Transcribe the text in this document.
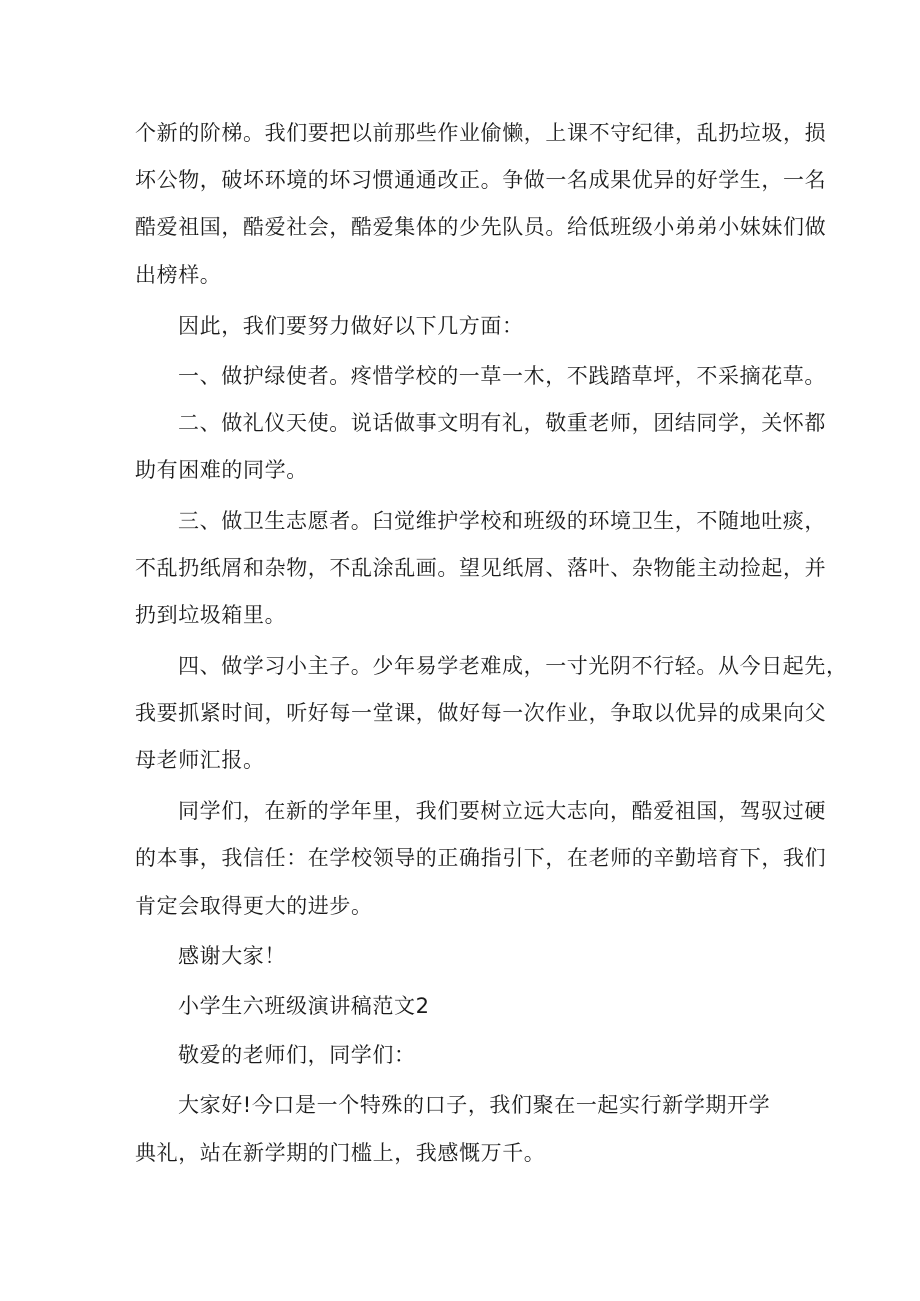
个新的阶梯。我们要把以前那些作业偷懒，上课不守纪律，乱扔垃圾，损
坏公物，破坏环境的坏习惯通通改正。争做一名成果优异的好学生，一名
酷爱祖国，酷爱社会，酷爱集体的少先队员。给低班级小弟弟小妹妹们做
出榜样。
因此，我们要努力做好以下几方面：
一、做护绿使者。疼惜学校的一草一木，不践踏草坪，不采摘花草。
二、做礼仪天使。说话做事文明有礼，敬重老师，团结同学，关怀都
助有困难的同学。
三、做卫生志愿者。臼觉维护学校和班级的环境卫生，不随地吐痰，
不乱扔纸屑和杂物，不乱涂乱画。望见纸屑、落叶、杂物能主动捡起，并
扔到垃圾箱里。
四、做学习小主子。少年易学老难成，一寸光阴不行轻。从今日起先，
我要抓紧时间，听好每一堂课，做好每一次作业，争取以优异的成果向父
母老师汇报。
同学们，在新的学年里，我们要树立远大志向，酷爱祖国，驾驭过硬
的本事，我信任：在学校领导的正确指引下，在老师的辛勤培育下，我们
肯定会取得更大的进步。
感谢大家！
小学生六班级演讲稿范文2
敬爱的老师们，同学们：
大家好!今口是一个特殊的口子，我们聚在一起实行新学期开学
典礼，站在新学期的门槛上，我感慨万千。
